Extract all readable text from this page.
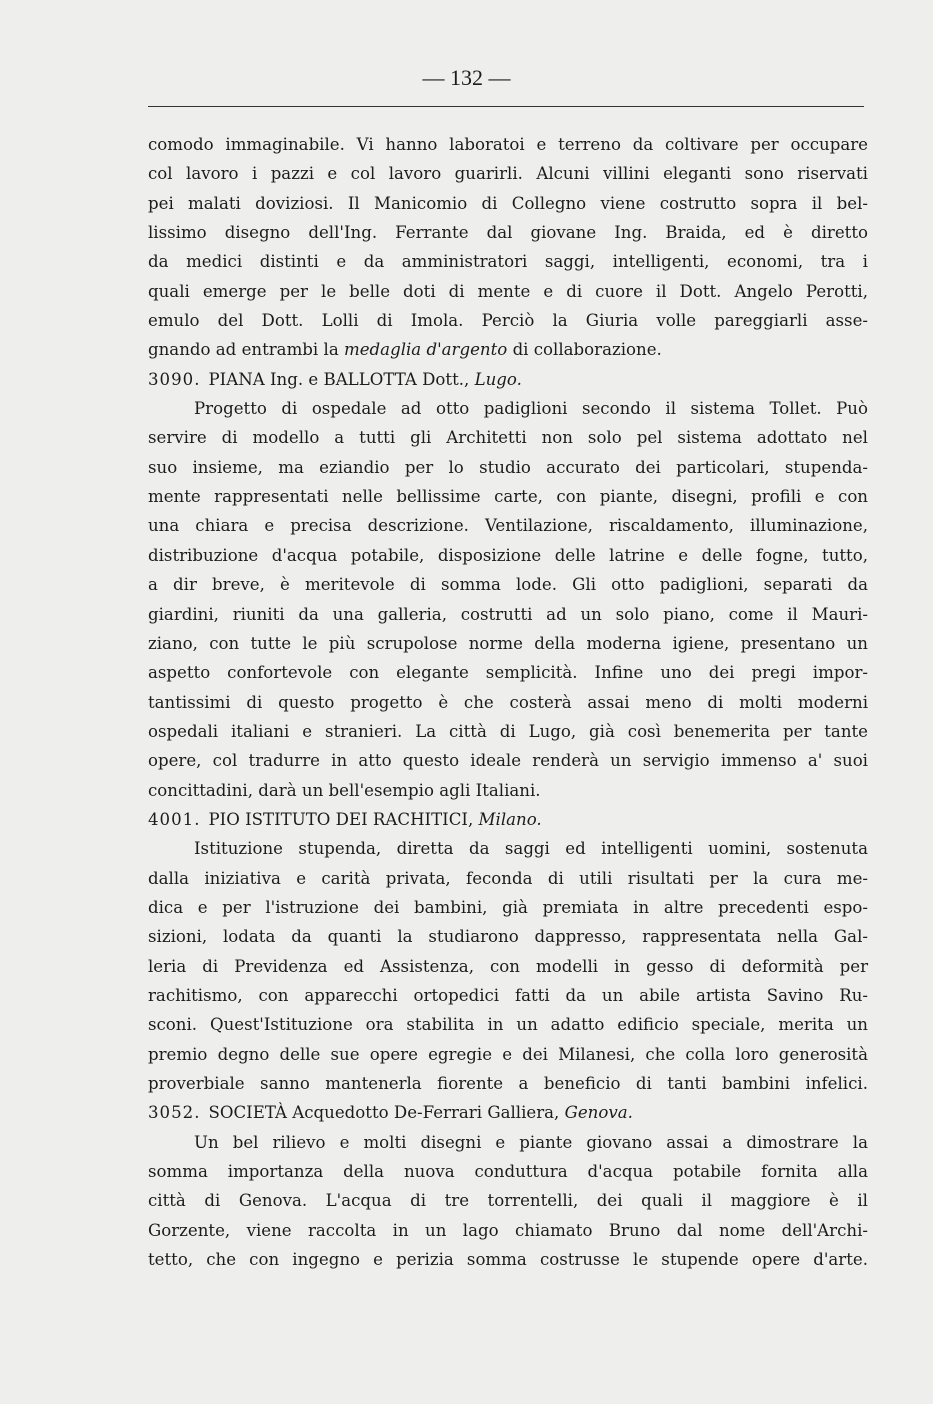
— 132 —
comodo immaginabile. Vi hanno laboratoi e terreno da coltivare per occupare
col lavoro i pazzi e col lavoro guarirli. Alcuni villini eleganti sono riservati
pei malati doviziosi. Il Manicomio di Collegno viene costrutto sopra il bel-
lissimo disegno dell'Ing. Ferrante dal giovane Ing. Braida, ed è diretto
da medici distinti e da amministratori saggi, intelligenti, economi, tra i
quali emerge per le belle doti di mente e di cuore il Dott. Angelo Perotti,
emulo del Dott. Lolli di Imola. Perciò la Giuria volle pareggiarli asse-
gnando ad entrambi la medaglia d'argento di collaborazione.
3090. PIANA Ing. e BALLOTTA Dott., Lugo.
Progetto di ospedale ad otto padiglioni secondo il sistema Tollet. Può
servire di modello a tutti gli Architetti non solo pel sistema adottato nel
suo insieme, ma eziandio per lo studio accurato dei particolari, stupenda-
mente rappresentati nelle bellissime carte, con piante, disegni, profili e con
una chiara e precisa descrizione. Ventilazione, riscaldamento, illuminazione,
distribuzione d'acqua potabile, disposizione delle latrine e delle fogne, tutto,
a dir breve, è meritevole di somma lode. Gli otto padiglioni, separati da
giardini, riuniti da una galleria, costrutti ad un solo piano, come il Mauri-
ziano, con tutte le più scrupolose norme della moderna igiene, presentano un
aspetto confortevole con elegante semplicità. Infine uno dei pregi impor-
tantissimi di questo progetto è che costerà assai meno di molti moderni
ospedali italiani e stranieri. La città di Lugo, già così benemerita per tante
opere, col tradurre in atto questo ideale renderà un servigio immenso a' suoi
concittadini, darà un bell'esempio agli Italiani.
4001. PIO ISTITUTO DEI RACHITICI, Milano.
Istituzione stupenda, diretta da saggi ed intelligenti uomini, sostenuta
dalla iniziativa e carità privata, feconda di utili risultati per la cura me-
dica e per l'istruzione dei bambini, già premiata in altre precedenti espo-
sizioni, lodata da quanti la studiarono dappresso, rappresentata nella Gal-
leria di Previdenza ed Assistenza, con modelli in gesso di deformità per
rachitismo, con apparecchi ortopedici fatti da un abile artista Savino Ru-
sconi. Quest'Istituzione ora stabilita in un adatto edificio speciale, merita un
premio degno delle sue opere egregie e dei Milanesi, che colla loro generosità
proverbiale sanno mantenerla fiorente a beneficio di tanti bambini infelici.
3052. SOCIETÀ Acquedotto De-Ferrari Galliera, Genova.
Un bel rilievo e molti disegni e piante giovano assai a dimostrare la
somma importanza della nuova conduttura d'acqua potabile fornita alla
città di Genova. L'acqua di tre torrentelli, dei quali il maggiore è il
Gorzente, viene raccolta in un lago chiamato Bruno dal nome dell'Archi-
tetto, che con ingegno e perizia somma costrusse le stupende opere d'arte.
